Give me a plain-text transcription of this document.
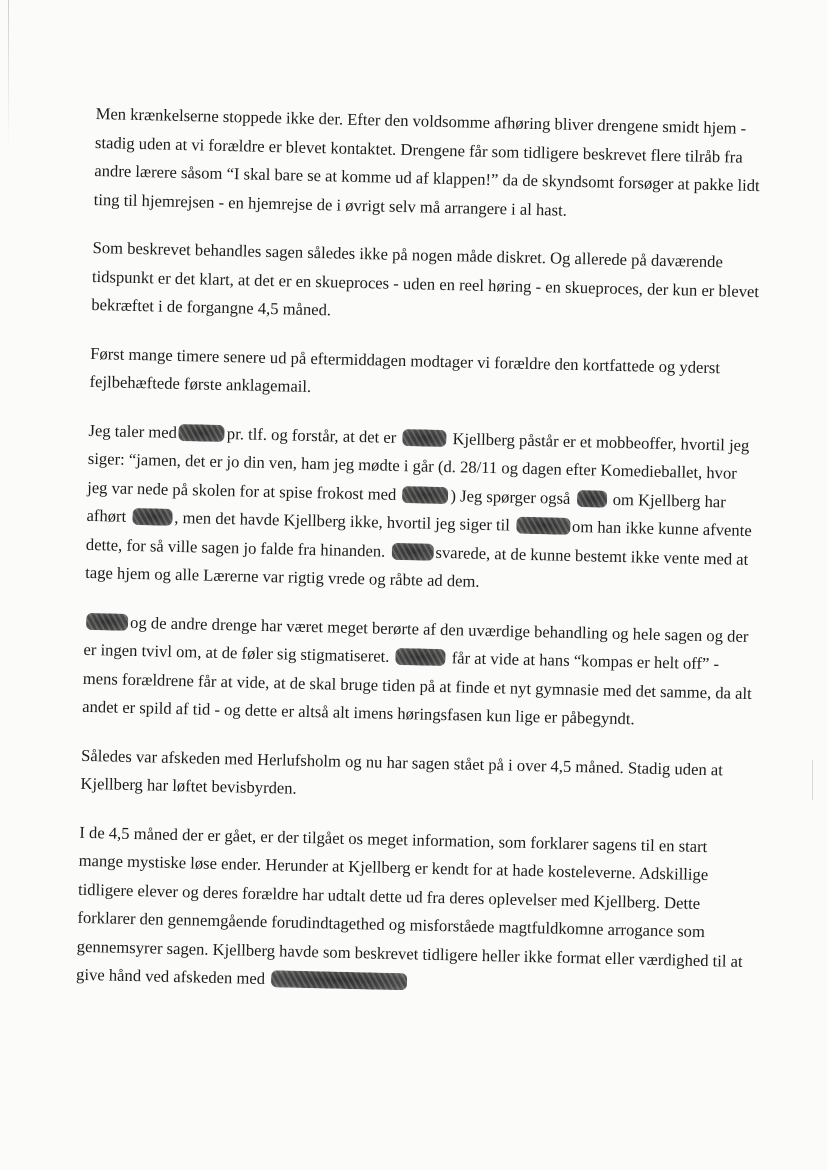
Men krænkelserne stoppede ikke der. Efter den voldsomme afhøring bliver drengene smidt hjem - stadig uden at vi forældre er blevet kontaktet. Drengene får som tidligere beskrevet flere tilråb fra andre lærere såsom “I skal bare se at komme ud af klappen!” da de skyndsomt forsøger at pakke lidt ting til hjemrejsen - en hjemrejse de i øvrigt selv må arrangere i al hast.

Som beskrevet behandles sagen således ikke på nogen måde diskret. Og allerede på daværende tidspunkt er det klart, at det er en skueproces - uden en reel høring - en skueproces, der kun er blevet bekræftet i de forgangne 4,5 måned.

Først mange timere senere ud på eftermiddagen modtager vi forældre den kortfattede og yderst fejlbehæftede første anklagemail.

Jeg taler med	pr. tlf. og forstår, at det er	Kjellberg påstår er et mobbeoffer, hvortil jeg siger: “jamen, det er jo din ven, ham jeg mødte i går (d. 28/11 og dagen efter Komedieballet, hvor jeg var nede på skolen for at spise frokost med	) Jeg spørger også	om Kjellberg har afhørt	, men det havde Kjellberg ikke, hvortil jeg siger til	om han ikke kunne afvente dette, for så ville sagen jo falde fra hinanden.	svarede, at de kunne bestemt ikke vente med at tage hjem og alle Lærerne var rigtig vrede og råbte ad dem.

og de andre drenge har været meget berørte af den uværdige behandling og hele sagen og der er ingen tvivl om, at de føler sig stigmatiseret.	får at vide at hans “kompas er helt off” - mens forældrene får at vide, at de skal bruge tiden på at finde et nyt gymnasie med det samme, da alt andet er spild af tid - og dette er altså alt imens høringsfasen kun lige er påbegyndt.

Således var afskeden med Herlufsholm og nu har sagen stået på i over 4,5 måned. Stadig uden at Kjellberg har løftet bevisbyrden.

I de 4,5 måned der er gået, er der tilgået os meget information, som forklarer sagens til en start mange mystiske løse ender. Herunder at Kjellberg er kendt for at hade kosteleverne. Adskillige tidligere elever og deres forældre har udtalt dette ud fra deres oplevelser med Kjellberg. Dette forklarer den gennemgående forudindtagethed og misforståede magtfuldkomne arrogance som gennemsyrer sagen. Kjellberg havde som beskrevet tidligere heller ikke format eller værdighed til at give hånd ved afskeden med
